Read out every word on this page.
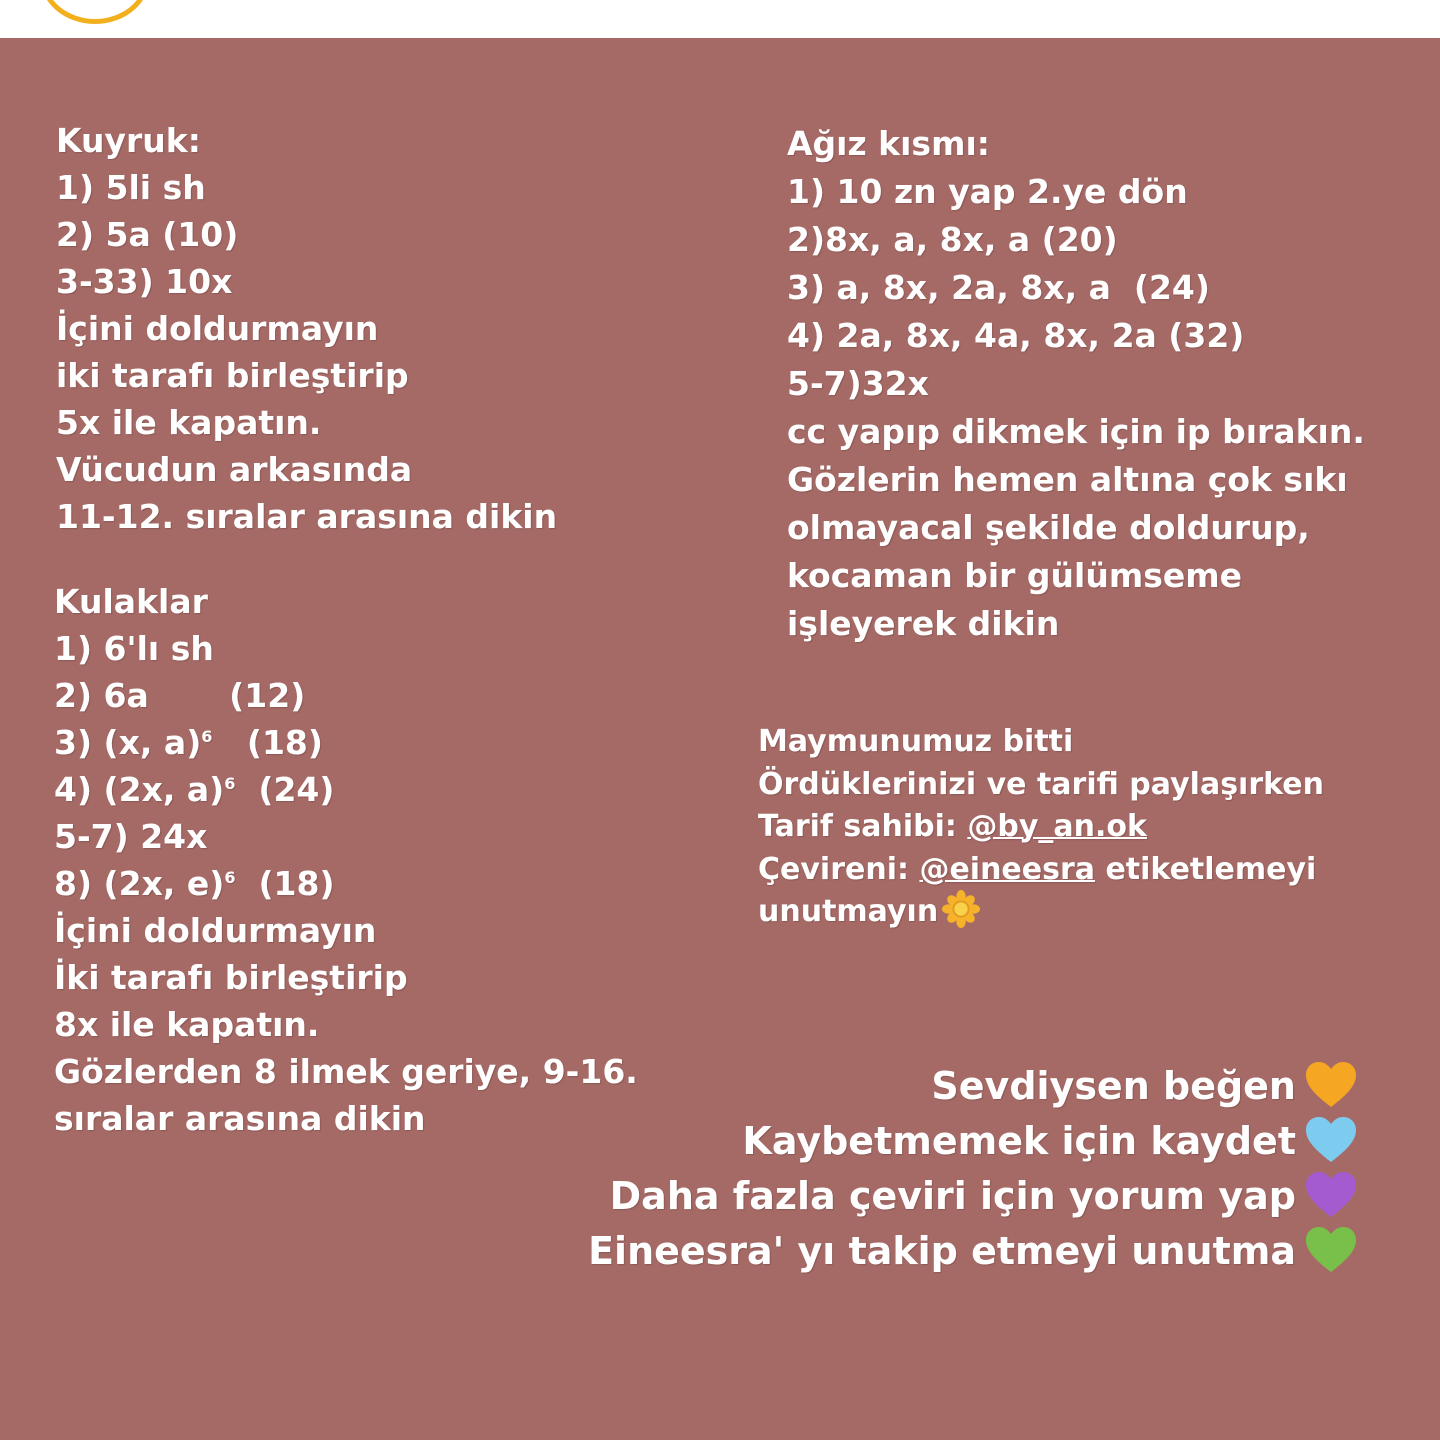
Kuyruk:
1) 5li sh
2) 5a (10)
3-33) 10x
İçini doldurmayın
iki tarafı birleştirip
5x ile kapatın.
Vücudun arkasında
11-12. sıralar arasına dikin
Kulaklar
1) 6'lı sh
2) 6a       (12)
3) (x, a)$^6$   (18)
4) (2x, a)$^6$  (24)
5-7) 24x
8) (2x, e)$^6$  (18)
İçini doldurmayın
İki tarafı birleştirip
8x ile kapatın.
Gözlerden 8 ilmek geriye, 9-16.
sıralar arasına dikin
Ağız kısmı:
1) 10 zn yap 2.ye dön
2)8x, a, 8x, a (20)
3) a, 8x, 2a, 8x, a  (24)
4) 2a, 8x, 4a, 8x, 2a (32)
5-7)32x
cc yapıp dikmek için ip bırakın.
Gözlerin hemen altına çok sıkı
olmayacal şekilde doldurup,
kocaman bir gülümseme
işleyerek dikin
Maymunumuz bitti
Ördüklerinizi ve tarifi paylaşırken
Tarif sahibi: @by_an.ok
Çevireni: @eineesra etiketlemeyi
unutmayın
Sevdiysen beğen
Kaybetmemek için kaydet
Daha fazla çeviri için yorum yap
Eineesra' yı takip etmeyi unutma
